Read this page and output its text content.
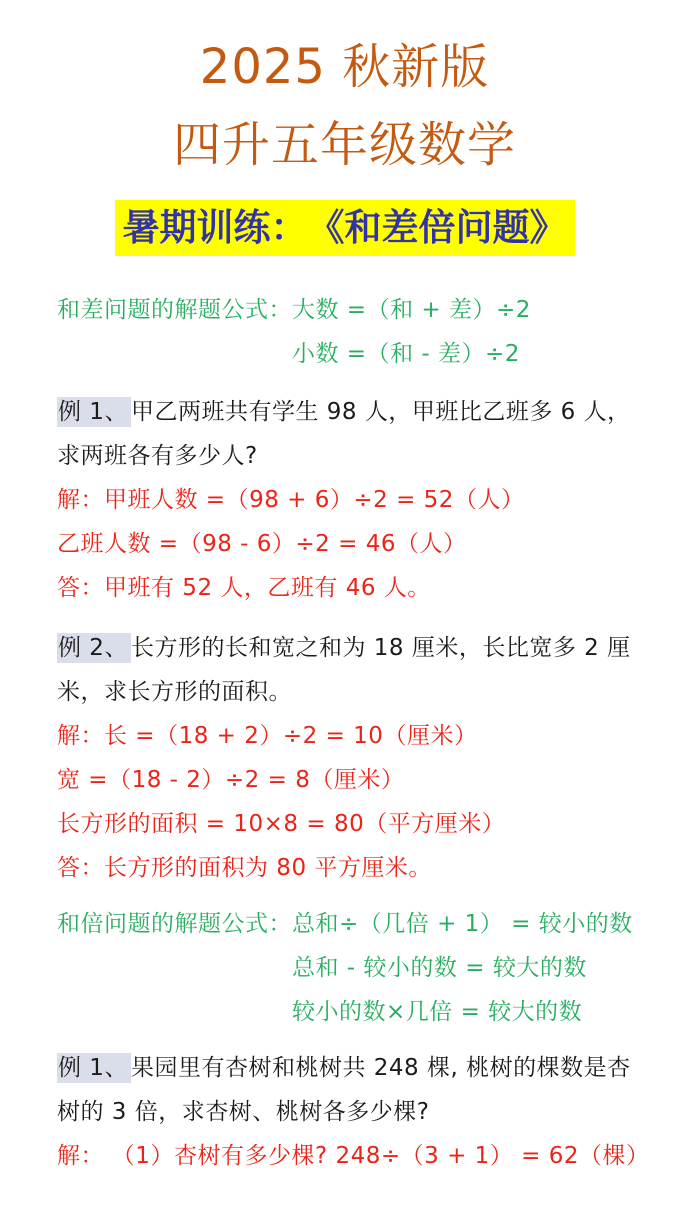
2025 秋新版
四升五年级数学
暑期训练：　《和差倍问题》
和差问题的解题公式： 大数 =（和 + 差）÷2
小数 =（和 - 差）÷2
例 1、 甲乙两班共有学生 98 人，甲班比乙班多 6 人，求两班各有多少人?
解：甲班人数 =（98 + 6）÷2 = 52（人）
乙班人数 =（98 - 6）÷2 = 46（人）
答：甲班有 52 人，乙班有 46 人。
例 2、 长方形的长和宽之和为 18 厘米，长比宽多 2 厘米，求长方形的面积。
解：长 =（18 + 2）÷2 = 10（厘米）
宽 =（18 - 2）÷2 = 8（厘米）
长方形的面积 = 10×8 = 80（平方厘米）
答：长方形的面积为 80 平方厘米。
和倍问题的解题公式： 总和÷（几倍 + 1） = 较小的数
总和 - 较小的数 = 较大的数
较小的数×几倍 = 较大的数
例 1、 果园里有杏树和桃树共 248 棵, 桃树的棵数是杏树的 3 倍，求杏树、桃树各多少棵?
解： （1）杏树有多少棵? 248÷（3 + 1） = 62（棵）
